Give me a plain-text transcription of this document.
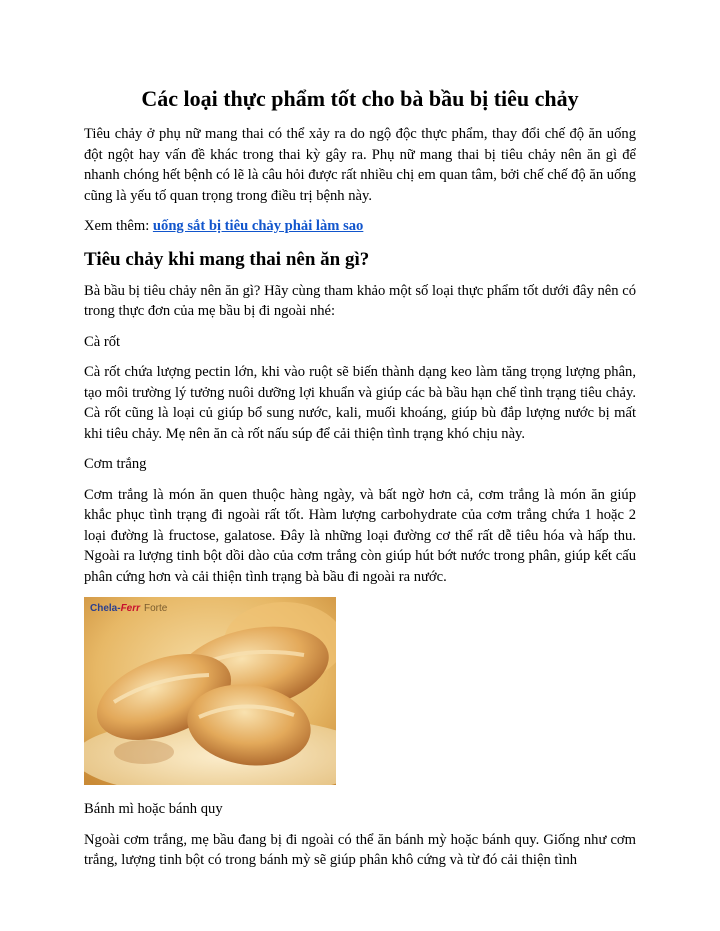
Các loại thực phẩm tốt cho bà bầu bị tiêu chảy

Tiêu chảy ở phụ nữ mang thai có thể xảy ra do ngộ độc thực phẩm, thay đổi chế độ ăn uống đột ngột hay vấn đề khác trong thai kỳ gây ra. Phụ nữ mang thai bị tiêu chảy nên ăn gì để nhanh chóng hết bệnh có lẽ là câu hỏi được rất nhiều chị em quan tâm, bởi chế chế độ ăn uống cũng là yếu tố quan trọng trong điều trị bệnh này.

Xem thêm: uống sắt bị tiêu chảy phải làm sao

Tiêu chảy khi mang thai nên ăn gì?

Bà bầu bị tiêu chảy nên ăn gì? Hãy cùng tham khảo một số loại thực phẩm tốt dưới đây nên có trong thực đơn của mẹ bầu bị đi ngoài nhé:

Cà rốt

Cà rốt chứa lượng pectin lớn, khi vào ruột sẽ biến thành dạng keo làm tăng trọng lượng phân, tạo môi trường lý tưởng nuôi dưỡng lợi khuẩn và giúp các bà bầu hạn chế tình trạng tiêu chảy. Cà rốt cũng là loại củ giúp bổ sung nước, kali, muối khoáng, giúp bù đắp lượng nước bị mất khi tiêu chảy. Mẹ nên ăn cà rốt nấu súp để cải thiện tình trạng khó chịu này.

Cơm trắng

Cơm trắng là món ăn quen thuộc hàng ngày, và bất ngờ hơn cả, cơm trắng là món ăn giúp khắc phục tình trạng đi ngoài rất tốt. Hàm lượng carbohydrate của cơm trắng chứa 1 hoặc 2 loại đường là fructose, galatose. Đây là những loại đường cơ thể rất dễ tiêu hóa và hấp thu. Ngoài ra lượng tinh bột dồi dào của cơm trắng còn giúp hút bớt nước trong phân, giúp kết cấu phân cứng hơn và cải thiện tình trạng bà bầu đi ngoài ra nước.

Chela-Ferr Forte

Bánh mì hoặc bánh quy

Ngoài cơm trắng, mẹ bầu đang bị đi ngoài có thể ăn bánh mỳ hoặc bánh quy. Giống như cơm trắng, lượng tinh bột có trong bánh mỳ sẽ giúp phân khô cứng và từ đó cải thiện tình
